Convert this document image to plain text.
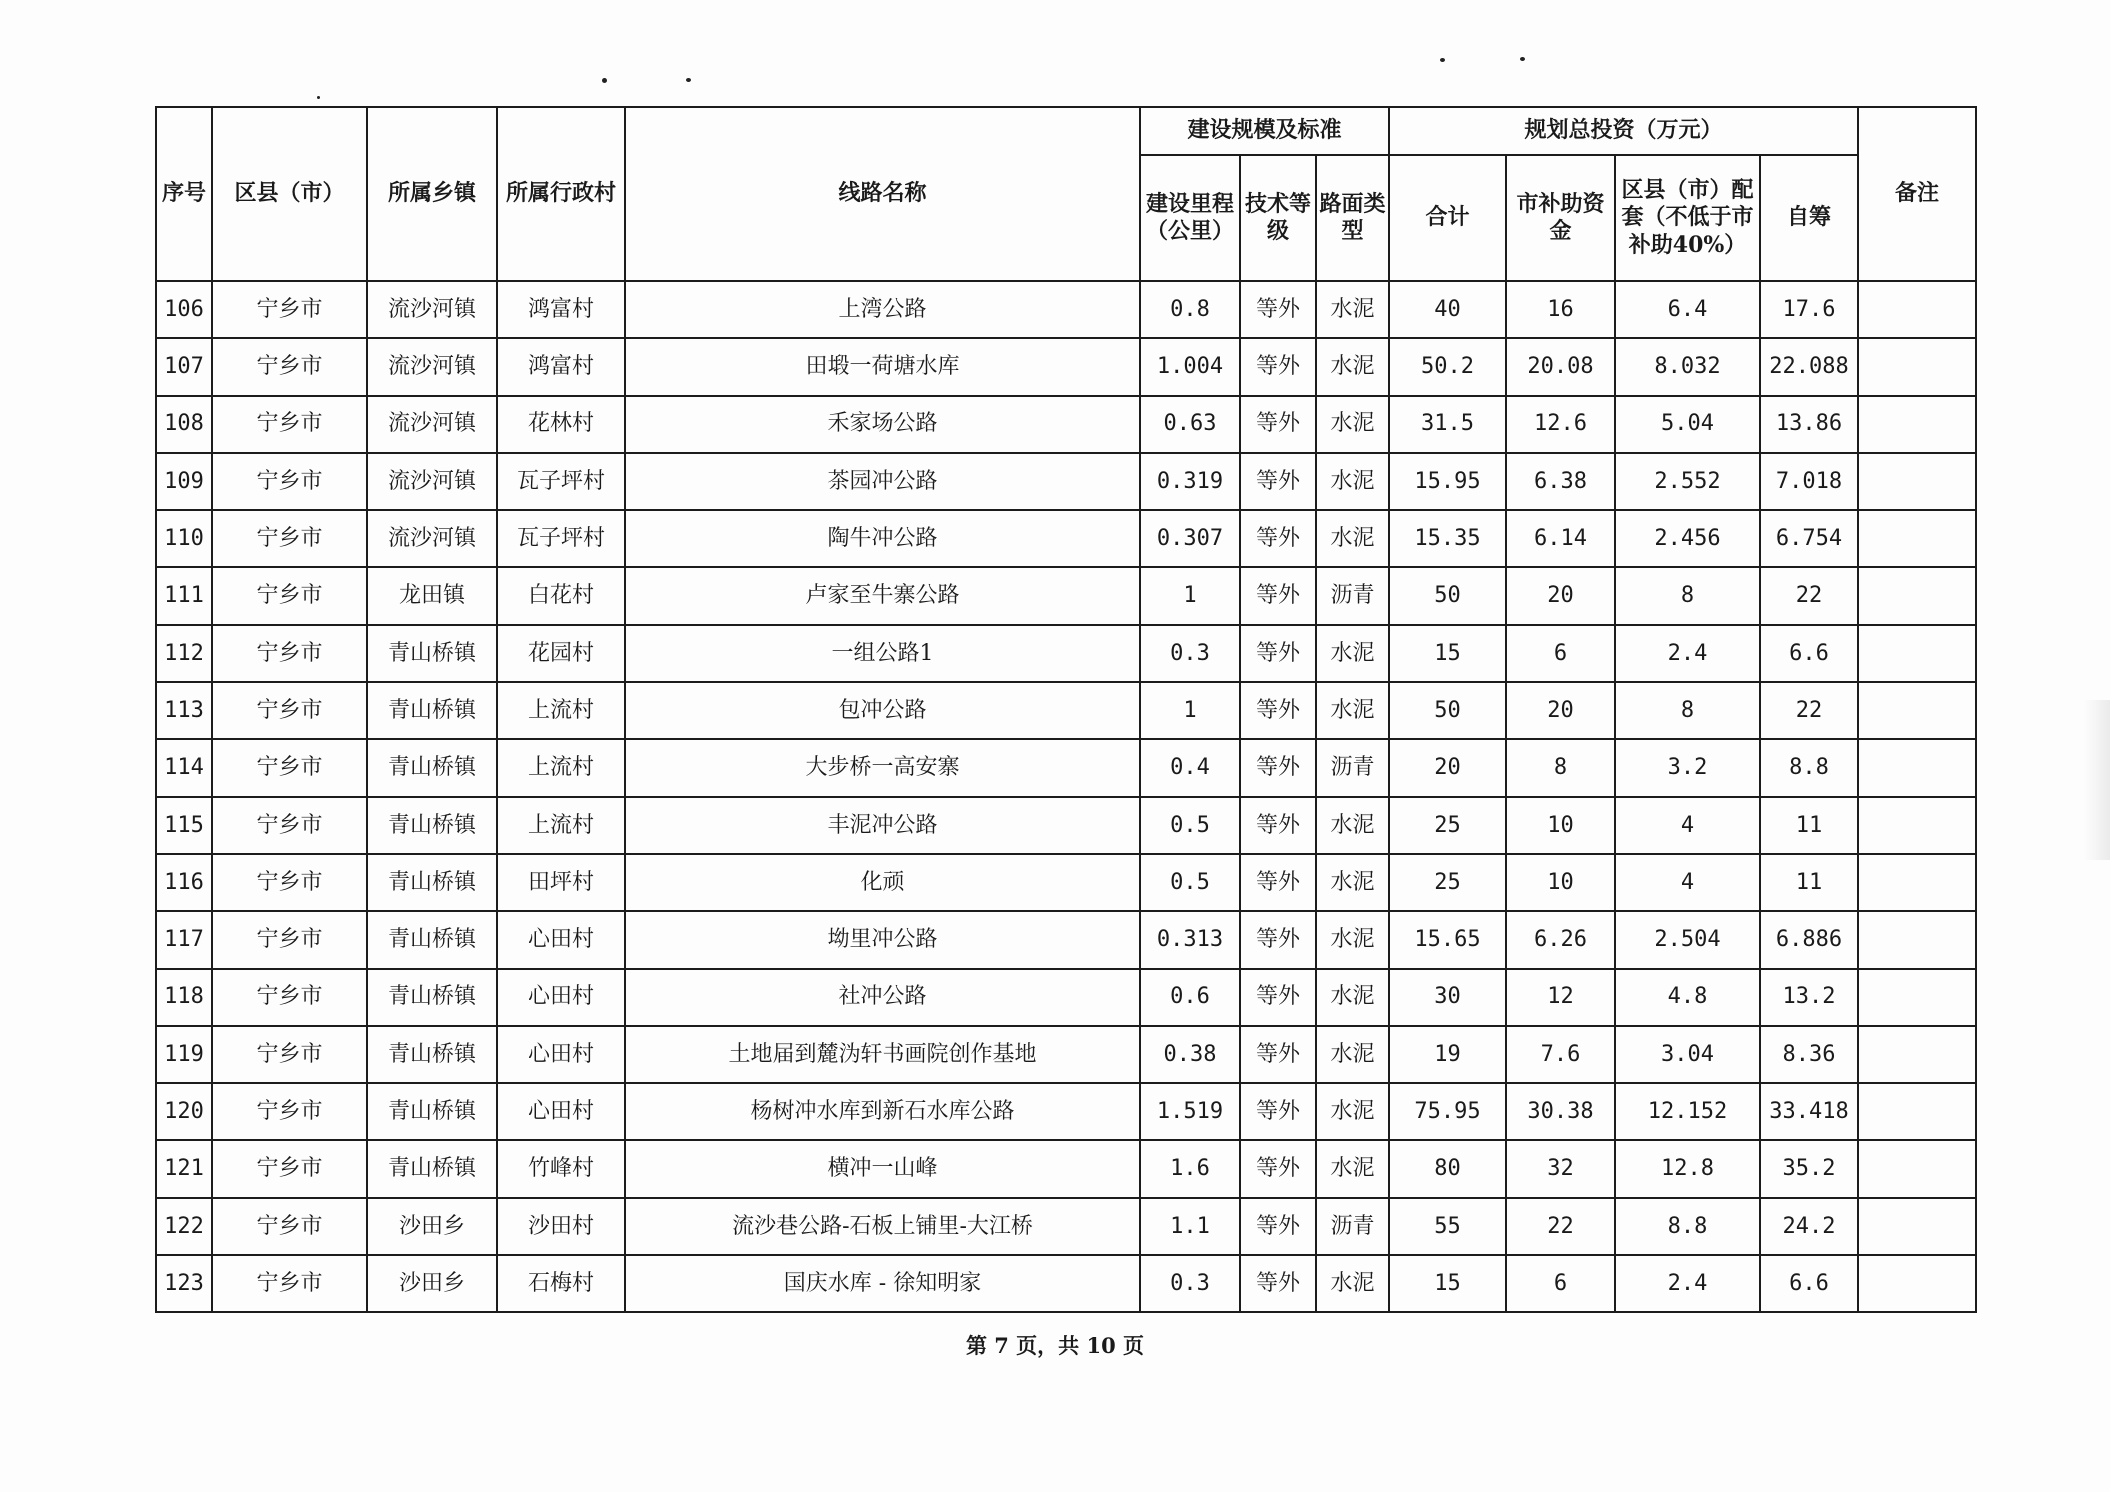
序号	区县（市）	所属乡镇	所属行政村	线路名称	建设规模及标准			规划总投资（万元）				备注
					建设里程（公里）	技术等级	路面类型	合计	市补助资金	区县（市）配套（不低于市补助40%）	自筹	
106	宁乡市	流沙河镇	鸿富村	上湾公路	0.8	等外	水泥	40	16	6.4	17.6	
107	宁乡市	流沙河镇	鸿富村	田塅一荷塘水库	1.004	等外	水泥	50.2	20.08	8.032	22.088	
108	宁乡市	流沙河镇	花林村	禾家场公路	0.63	等外	水泥	31.5	12.6	5.04	13.86	
109	宁乡市	流沙河镇	瓦子坪村	茶园冲公路	0.319	等外	水泥	15.95	6.38	2.552	7.018	
110	宁乡市	流沙河镇	瓦子坪村	陶牛冲公路	0.307	等外	水泥	15.35	6.14	2.456	6.754	
111	宁乡市	龙田镇	白花村	卢家至牛寨公路	1	等外	沥青	50	20	8	22	
112	宁乡市	青山桥镇	花园村	一组公路1	0.3	等外	水泥	15	6	2.4	6.6	
113	宁乡市	青山桥镇	上流村	包冲公路	1	等外	水泥	50	20	8	22	
114	宁乡市	青山桥镇	上流村	大步桥一高安寨	0.4	等外	沥青	20	8	3.2	8.8	
115	宁乡市	青山桥镇	上流村	丰泥冲公路	0.5	等外	水泥	25	10	4	11	
116	宁乡市	青山桥镇	田坪村	化顽	0.5	等外	水泥	25	10	4	11	
117	宁乡市	青山桥镇	心田村	坳里冲公路	0.313	等外	水泥	15.65	6.26	2.504	6.886	
118	宁乡市	青山桥镇	心田村	社冲公路	0.6	等外	水泥	30	12	4.8	13.2	
119	宁乡市	青山桥镇	心田村	土地届到麓沩轩书画院创作基地	0.38	等外	水泥	19	7.6	3.04	8.36	
120	宁乡市	青山桥镇	心田村	杨树冲水库到新石水库公路	1.519	等外	水泥	75.95	30.38	12.152	33.418	
121	宁乡市	青山桥镇	竹峰村	横冲一山峰	1.6	等外	水泥	80	32	12.8	35.2	
122	宁乡市	沙田乡	沙田村	流沙巷公路-石板上铺里-大江桥	1.1	等外	沥青	55	22	8.8	24.2	
123	宁乡市	沙田乡	石梅村	国庆水库 - 徐知明家	0.3	等外	水泥	15	6	2.4	6.6	
第 7 页，共 10 页
